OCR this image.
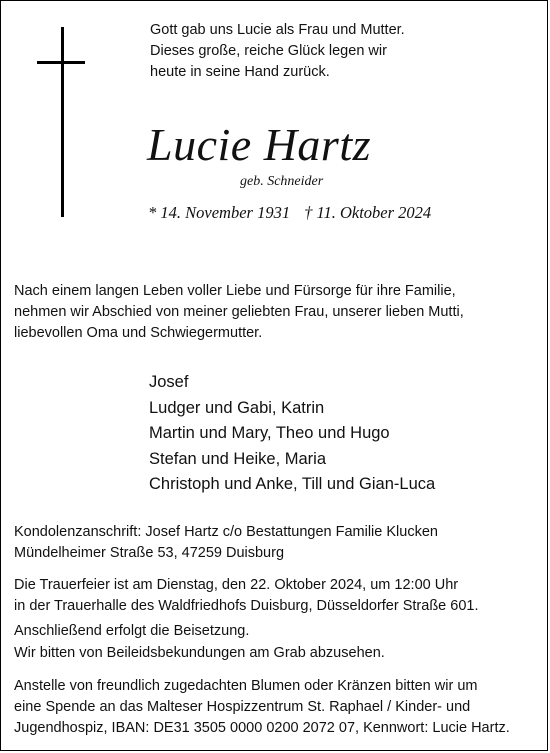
Gott gab uns Lucie als Frau und Mutter.
Dieses große, reiche Glück legen wir
heute in seine Hand zurück.
Lucie Hartz
geb. Schneider
* 14. November 1931 † 11. Oktober 2024
Nach einem langen Leben voller Liebe und Fürsorge für ihre Familie,
nehmen wir Abschied von meiner geliebten Frau, unserer lieben Mutti,
liebevollen Oma und Schwiegermutter.
Josef
Ludger und Gabi, Katrin
Martin und Mary, Theo und Hugo
Stefan und Heike, Maria
Christoph und Anke, Till und Gian-Luca
Kondolenzanschrift: Josef Hartz c/o Bestattungen Familie Klucken
Mündelheimer Straße 53, 47259 Duisburg
Die Trauerfeier ist am Dienstag, den 22. Oktober 2024, um 12:00 Uhr
in der Trauerhalle des Waldfriedhofs Duisburg, Düsseldorfer Straße 601.
Anschließend erfolgt die Beisetzung.
Wir bitten von Beileidsbekundungen am Grab abzusehen.
Anstelle von freundlich zugedachten Blumen oder Kränzen bitten wir um
eine Spende an das Malteser Hospizzentrum St. Raphael / Kinder- und
Jugendhospiz, IBAN: DE31 3505 0000 0200 2072 07, Kennwort: Lucie Hartz.
